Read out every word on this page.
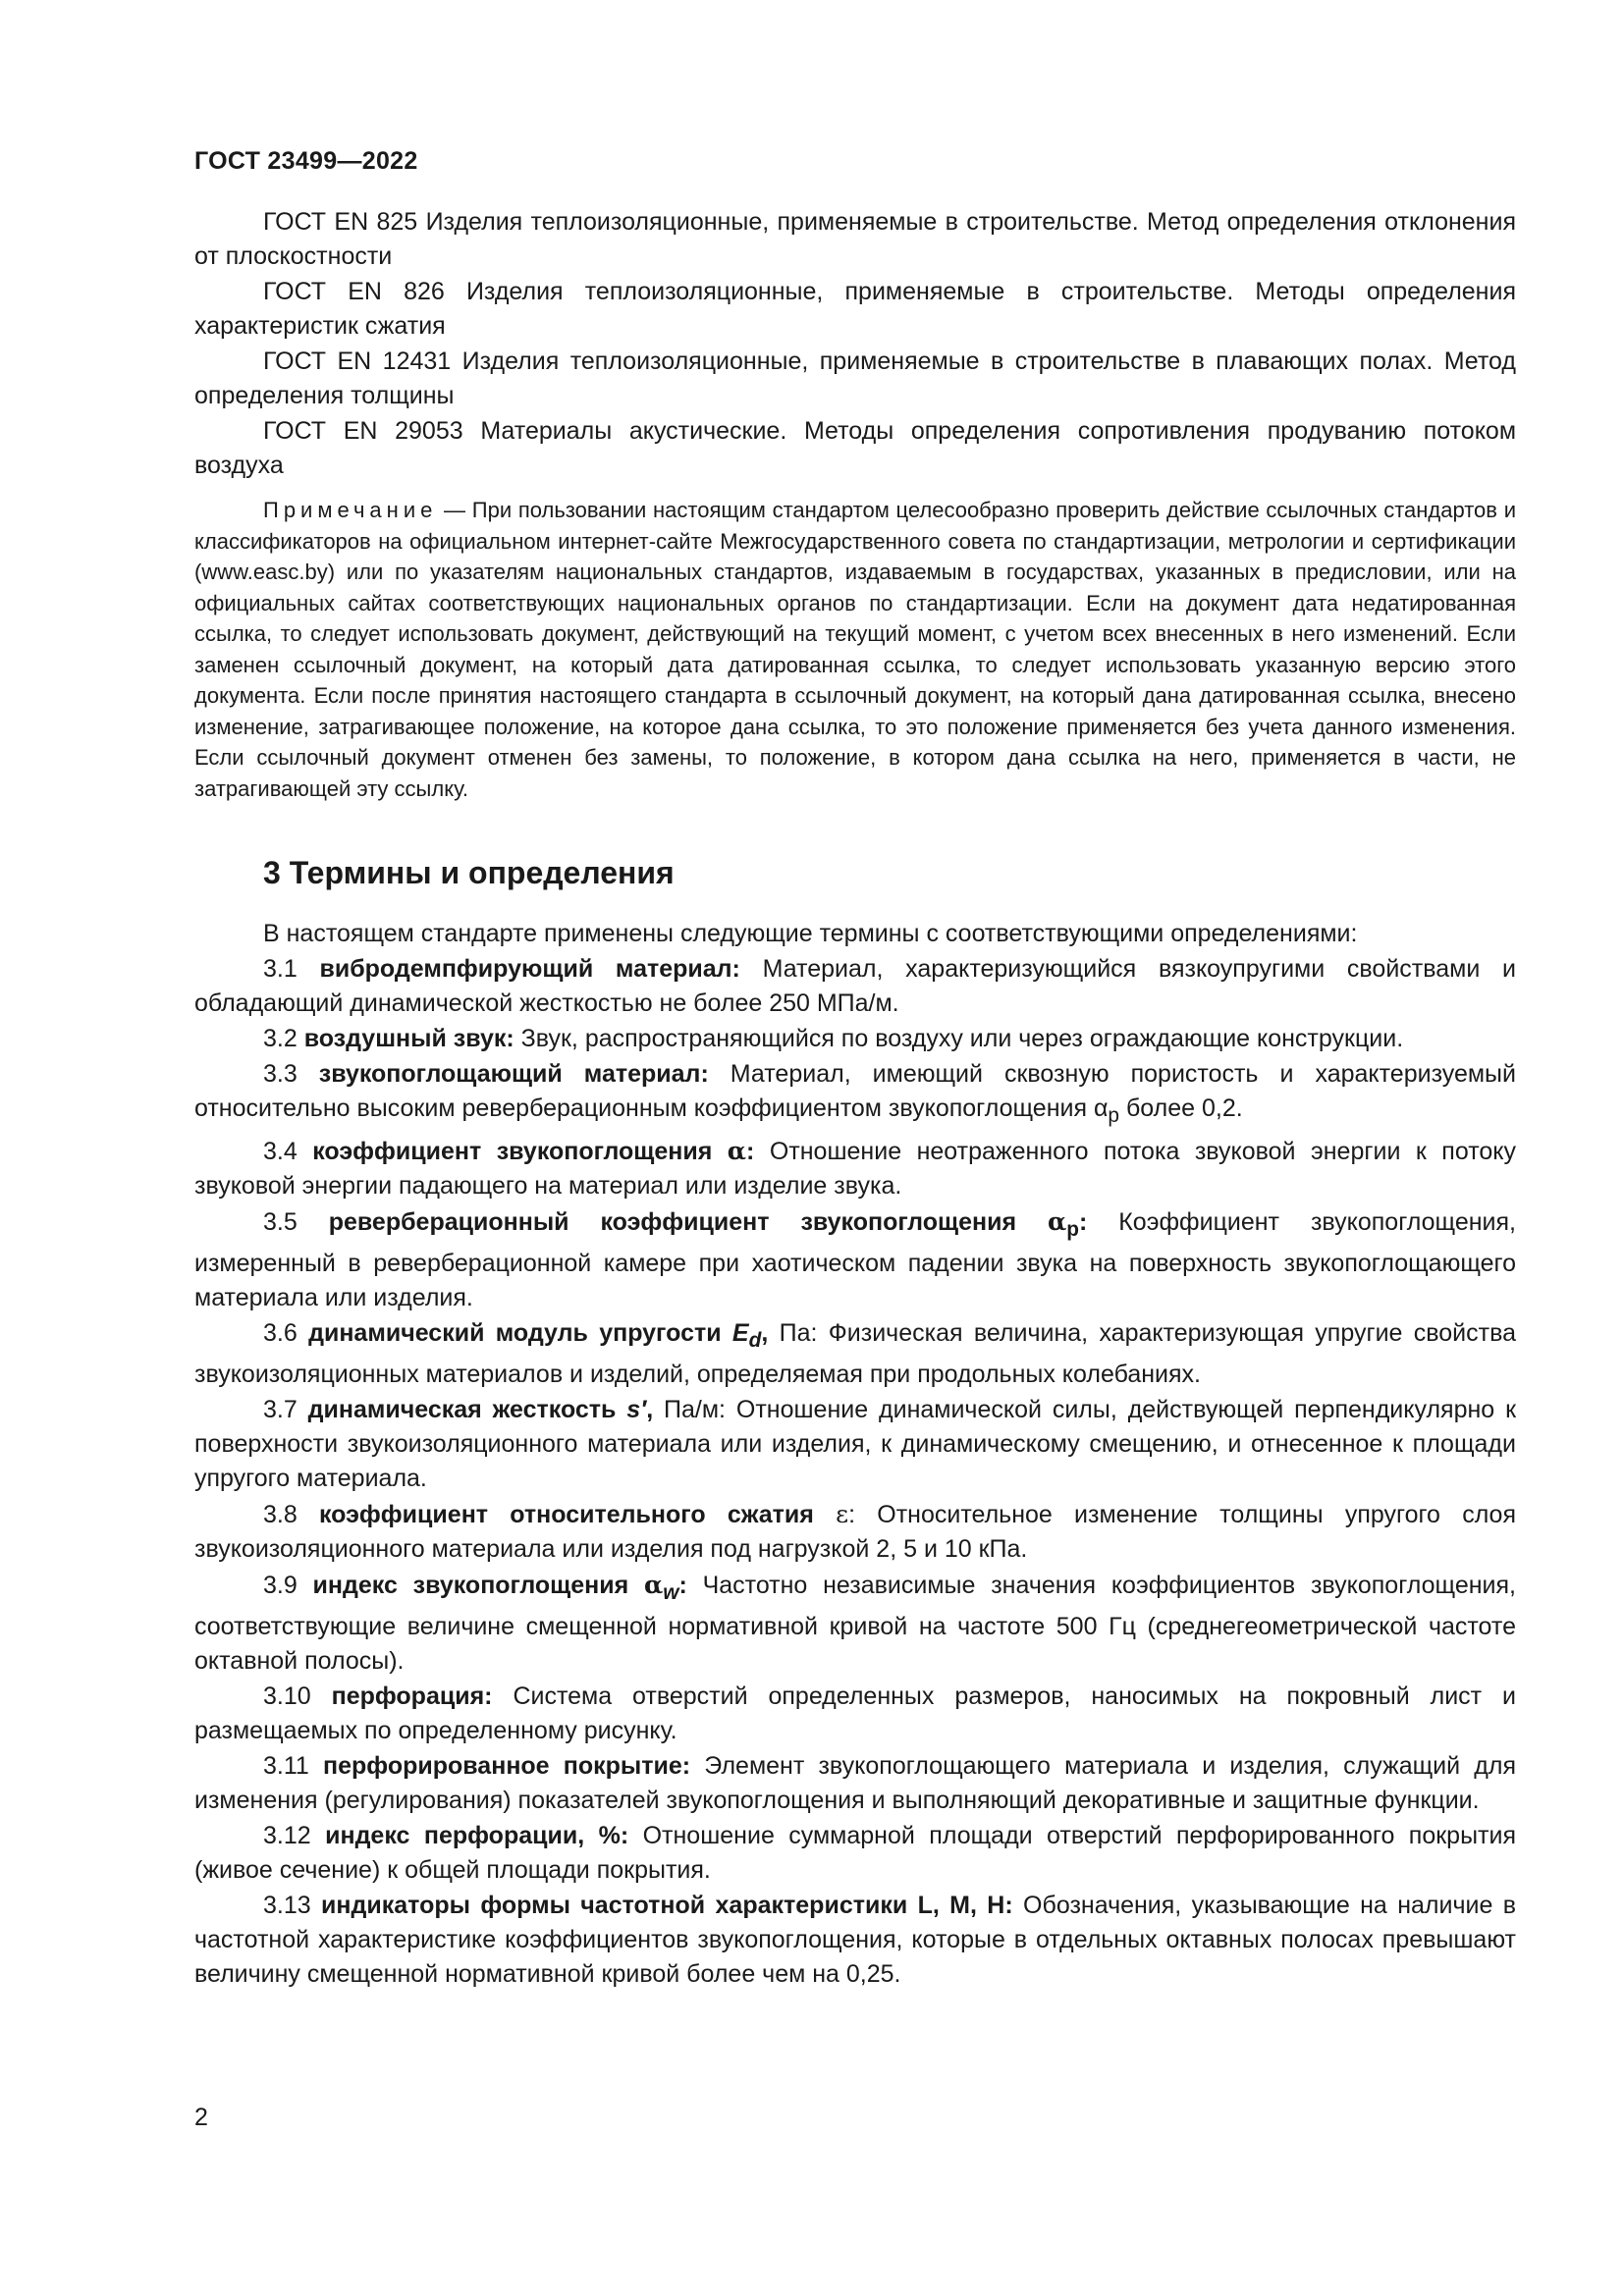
ГОСТ 23499—2022

ГОСТ EN 825 Изделия теплоизоляционные, применяемые в строительстве. Метод определения отклонения от плоскостности

ГОСТ EN 826 Изделия теплоизоляционные, применяемые в строительстве. Методы определения характеристик сжатия

ГОСТ EN 12431 Изделия теплоизоляционные, применяемые в строительстве в плавающих полах. Метод определения толщины

ГОСТ EN 29053 Материалы акустические. Методы определения сопротивления продуванию потоком воздуха

Примечание — При пользовании настоящим стандартом целесообразно проверить действие ссылочных стандартов и классификаторов на официальном интернет-сайте Межгосударственного совета по стандартизации, метрологии и сертификации (www.easc.by) или по указателям национальных стандартов, издаваемым в государствах, указанных в предисловии, или на официальных сайтах соответствующих национальных органов по стандартизации. Если на документ дата недатированная ссылка, то следует использовать документ, действующий на текущий момент, с учетом всех внесенных в него изменений. Если заменен ссылочный документ, на который дата датированная ссылка, то следует использовать указанную версию этого документа. Если после принятия настоящего стандарта в ссылочный документ, на который дана датированная ссылка, внесено изменение, затрагивающее положение, на которое дана ссылка, то это положение применяется без учета данного изменения. Если ссылочный документ отменен без замены, то положение, в котором дана ссылка на него, применяется в части, не затрагивающей эту ссылку.

3 Термины и определения

В настоящем стандарте применены следующие термины с соответствующими определениями:

3.1 вибродемпфирующий материал: Материал, характеризующийся вязкоупругими свойствами и обладающий динамической жесткостью не более 250 МПа/м.

3.2 воздушный звук: Звук, распространяющийся по воздуху или через ограждающие конструкции.

3.3 звукопоглощающий материал: Материал, имеющий сквозную пористость и характеризуемый относительно высоким реверберационным коэффициентом звукопоглощения $\alpha_p$ более 0,2.

3.4 коэффициент звукопоглощения α: Отношение неотраженного потока звуковой энергии к потоку звуковой энергии падающего на материал или изделие звука.

3.5 реверберационный коэффициент звукопоглощения $\alpha_p$: Коэффициент звукопоглощения, измеренный в реверберационной камере при хаотическом падении звука на поверхность звукопоглощающего материала или изделия.

3.6 динамический модуль упругости $E_d$, Па: Физическая величина, характеризующая упругие свойства звукоизоляционных материалов и изделий, определяемая при продольных колебаниях.

3.7 динамическая жесткость s′, Па/м: Отношение динамической силы, действующей перпендикулярно к поверхности звукоизоляционного материала или изделия, к динамическому смещению, и отнесенное к площади упругого материала.

3.8 коэффициент относительного сжатия ε: Относительное изменение толщины упругого слоя звукоизоляционного материала или изделия под нагрузкой 2, 5 и 10 кПа.

3.9 индекс звукопоглощения $\alpha_w$: Частотно независимые значения коэффициентов звукопоглощения, соответствующие величине смещенной нормативной кривой на частоте 500 Гц (среднегеометрической частоте октавной полосы).

3.10 перфорация: Система отверстий определенных размеров, наносимых на покровный лист и размещаемых по определенному рисунку.

3.11 перфорированное покрытие: Элемент звукопоглощающего материала и изделия, служащий для изменения (регулирования) показателей звукопоглощения и выполняющий декоративные и защитные функции.

3.12 индекс перфорации, %: Отношение суммарной площади отверстий перфорированного покрытия (живое сечение) к общей площади покрытия.

3.13 индикаторы формы частотной характеристики L, M, H: Обозначения, указывающие на наличие в частотной характеристике коэффициентов звукопоглощения, которые в отдельных октавных полосах превышают величину смещенной нормативной кривой более чем на 0,25.

2
